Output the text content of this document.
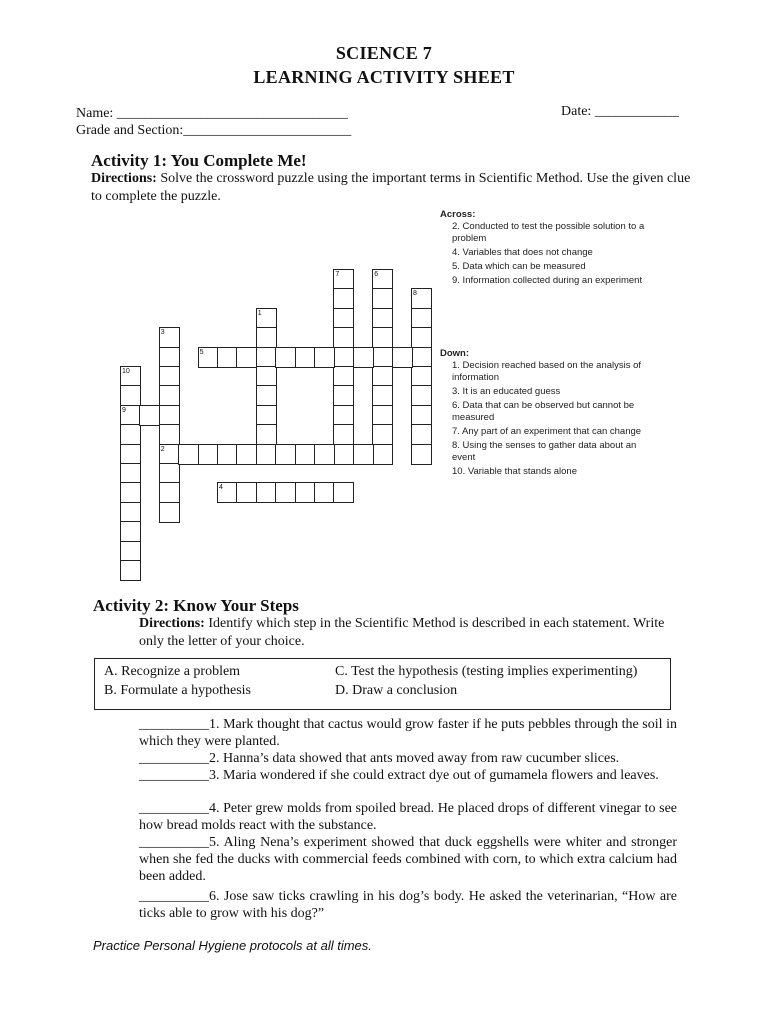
SCIENCE 7
LEARNING ACTIVITY SHEET
Name: _________________________________	Date: ____________
Grade and Section:________________________
Activity 1: You Complete Me!
Directions: Solve the crossword puzzle using the important terms in Scientific Method. Use the given clue to complete the puzzle.
7	6
8
1
3
2
5
10
9
4
Across:
2. Conducted to test the possible solution to a problem
4. Variables that does not change
5. Data which can be measured
9. Information collected during an experiment
Down:
1. Decision reached based on the analysis of information
3. It is an educated guess
6. Data that can be observed but cannot be measured
7. Any part of an experiment that can change
8. Using the senses to gather data about an event
10. Variable that stands alone
Activity 2: Know Your Steps
Directions: Identify which step in the Scientific Method is described in each statement. Write only the letter of your choice.
A. Recognize a problem
B. Formulate a hypothesis
C. Test the hypothesis (testing implies experimenting)
D. Draw a conclusion
__________1. Mark thought that cactus would grow faster if he puts pebbles through the soil in which they were planted.
__________2. Hanna’s data showed that ants moved away from raw cucumber slices.
__________3. Maria wondered if she could extract dye out of gumamela flowers and leaves.
__________4. Peter grew molds from spoiled bread. He placed drops of different vinegar to see how bread molds react with the substance.
__________5. Aling Nena’s experiment showed that duck eggshells were whiter and stronger when she fed the ducks with commercial feeds combined with corn, to which extra calcium had been added.
__________6. Jose saw ticks crawling in his dog’s body. He asked the veterinarian, “How are ticks able to grow with his dog?”
Practice Personal Hygiene protocols at all times.
